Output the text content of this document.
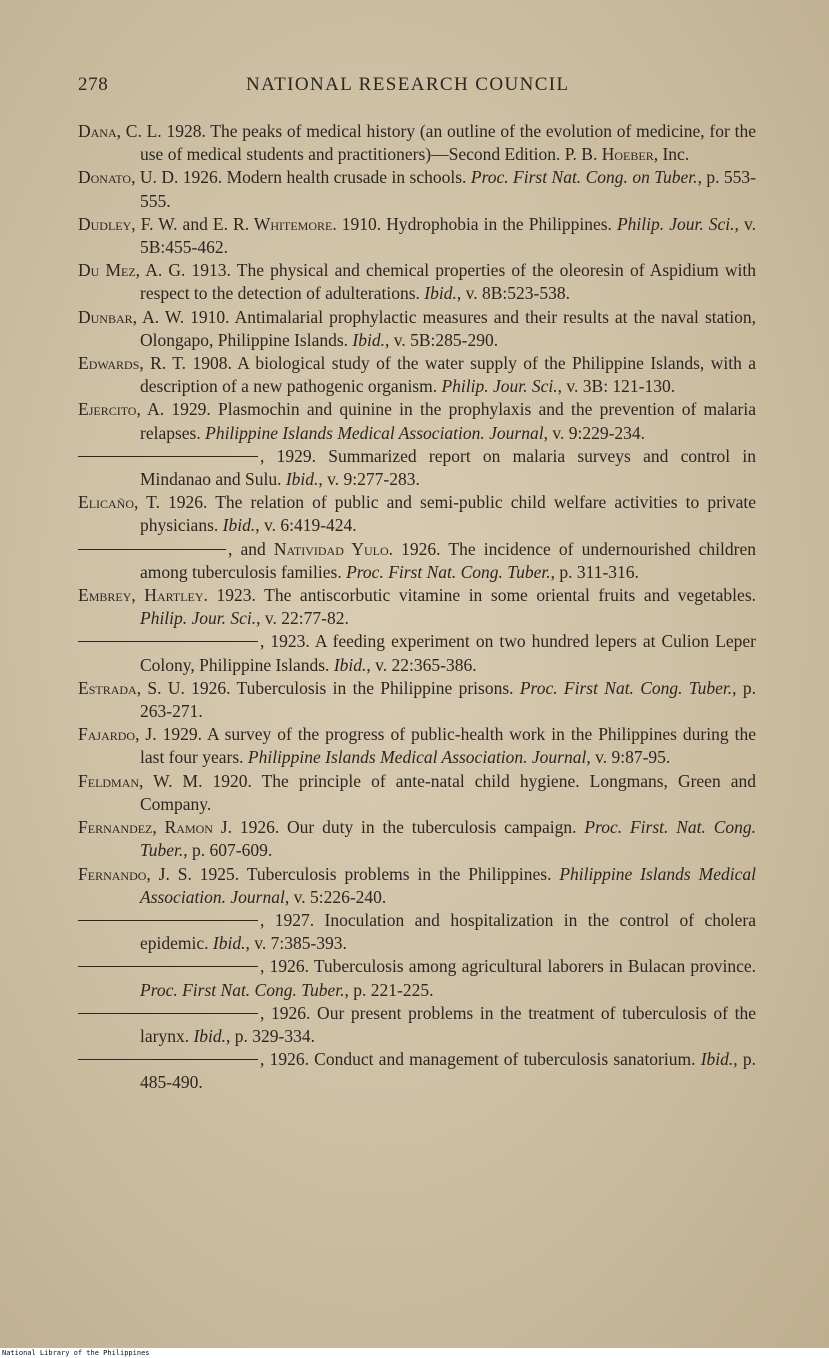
278	NATIONAL RESEARCH COUNCIL

Dana, C. L. 1928. The peaks of medical history (an outline of the evolution of medicine, for the use of medical students and practitioners)—Second Edition. P. B. Hoeber, Inc.

Donato, U. D. 1926. Modern health crusade in schools. Proc. First Nat. Cong. on Tuber., p. 553-555.

Dudley, F. W. and E. R. Whitemore. 1910. Hydrophobia in the Philippines. Philip. Jour. Sci., v. 5B:455-462.

Du Mez, A. G. 1913. The physical and chemical properties of the oleoresin of Aspidium with respect to the detection of adulterations. Ibid., v. 8B:523-538.

Dunbar, A. W. 1910. Antimalarial prophylactic measures and their results at the naval station, Olongapo, Philippine Islands. Ibid., v. 5B:285-290.

Edwards, R. T. 1908. A biological study of the water supply of the Philippine Islands, with a description of a new pathogenic organism. Philip. Jour. Sci., v. 3B: 121-130.

Ejercito, A. 1929. Plasmochin and quinine in the prophylaxis and the prevention of malaria relapses. Philippine Islands Medical Association. Journal, v. 9:229-234.

, 1929. Summarized report on malaria surveys and control in Mindanao and Sulu. Ibid., v. 9:277-283.

Elicaño, T. 1926. The relation of public and semi-public child welfare activities to private physicians. Ibid., v. 6:419-424.

, and Natividad Yulo. 1926. The incidence of undernourished children among tuberculosis families. Proc. First Nat. Cong. Tuber., p. 311-316.

Embrey, Hartley. 1923. The antiscorbutic vitamine in some oriental fruits and vegetables. Philip. Jour. Sci., v. 22:77-82.

, 1923. A feeding experiment on two hundred lepers at Culion Leper Colony, Philippine Islands. Ibid., v. 22:365-386.

Estrada, S. U. 1926. Tuberculosis in the Philippine prisons. Proc. First Nat. Cong. Tuber., p. 263-271.

Fajardo, J. 1929. A survey of the progress of public-health work in the Philippines during the last four years. Philippine Islands Medical Association. Journal, v. 9:87-95.

Feldman, W. M. 1920. The principle of ante-natal child hygiene. Longmans, Green and Company.

Fernandez, Ramon J. 1926. Our duty in the tuberculosis campaign. Proc. First. Nat. Cong. Tuber., p. 607-609.

Fernando, J. S. 1925. Tuberculosis problems in the Philippines. Philippine Islands Medical Association. Journal, v. 5:226-240.

, 1927. Inoculation and hospitalization in the control of cholera epidemic. Ibid., v. 7:385-393.

, 1926. Tuberculosis among agricultural laborers in Bulacan province. Proc. First Nat. Cong. Tuber., p. 221-225.

, 1926. Our present problems in the treatment of tuberculosis of the larynx. Ibid., p. 329-334.

, 1926. Conduct and management of tuberculosis sanatorium. Ibid., p. 485-490.

National Library of the Philippines
